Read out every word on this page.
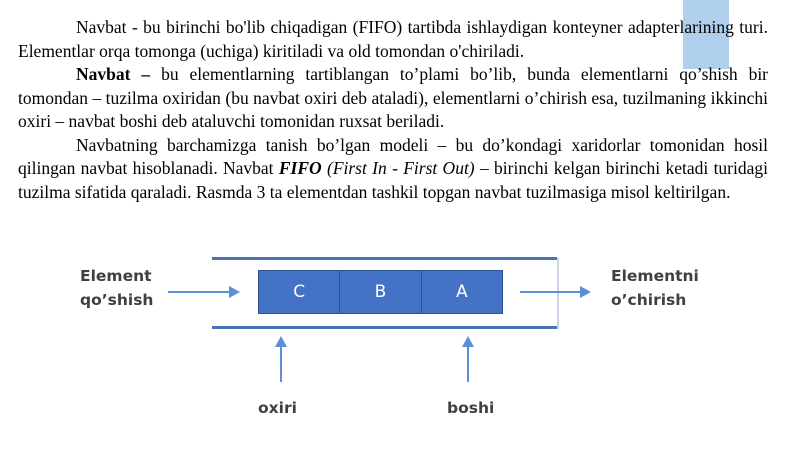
Navbat - bu birinchi bo'lib chiqadigan (FIFO) tartibda ishlaydigan konteyner adapterlarining turi. Elementlar orqa tomonga (uchiga) kiritiladi va old tomondan o'chiriladi.

Navbat – bu elementlarning tartiblangan to’plami bo’lib, bunda elementlarni qo’shish bir tomondan – tuzilma oxiridan (bu navbat oxiri deb ataladi), elementlarni o’chirish esa, tuzilmaning ikkinchi oxiri – navbat boshi deb ataluvchi tomonidan ruxsat beriladi.

Navbatning barchamizga tanish bo’lgan modeli – bu do’kondagi xaridorlar tomonidan hosil qilingan navbat hisoblanadi. Navbat FIFO (First In - First Out) – birinchi kelgan birinchi ketadi turidagi tuzilma sifatida qaraladi. Rasmda 3 ta elementdan tashkil topgan navbat tuzilmasiga misol keltirilgan.

Element
qo’shish
Elementni
o’chirish
C	B	A
oxiri	boshi
